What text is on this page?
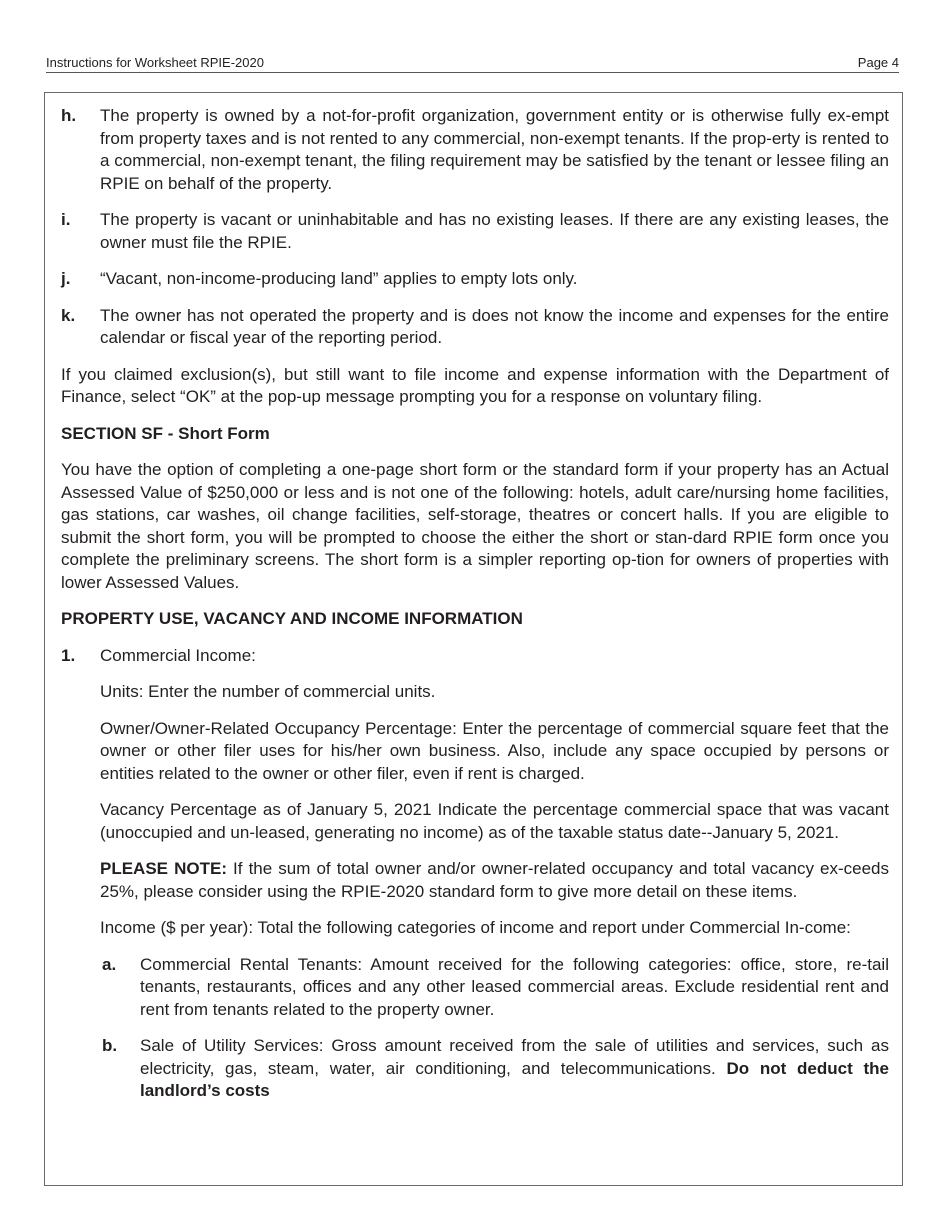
Instructions for Worksheet RPIE-2020	Page 4

h. The property is owned by a not-for-profit organization, government entity or is otherwise fully ex-empt from property taxes and is not rented to any commercial, non-exempt tenants. If the prop-erty is rented to a commercial, non-exempt tenant, the filing requirement may be satisfied by the tenant or lessee filing an RPIE on behalf of the property.

i. The property is vacant or uninhabitable and has no existing leases. If there are any existing leases, the owner must file the RPIE.

j. “Vacant, non-income-producing land” applies to empty lots only.

k. The owner has not operated the property and is does not know the income and expenses for the entire calendar or fiscal year of the reporting period.

If you claimed exclusion(s), but still want to file income and expense information with the Department of Finance, select “OK” at the pop-up message prompting you for a response on voluntary filing.

SECTION SF - Short Form

You have the option of completing a one-page short form or the standard form if your property has an Actual Assessed Value of $250,000 or less and is not one of the following: hotels, adult care/nursing home facilities, gas stations, car washes, oil change facilities, self-storage, theatres or concert halls. If you are eligible to submit the short form, you will be prompted to choose the either the short or stan-dard RPIE form once you complete the preliminary screens. The short form is a simpler reporting op-tion for owners of properties with lower Assessed Values.

PROPERTY USE, VACANCY AND INCOME INFORMATION

1. Commercial Income:

Units: Enter the number of commercial units.

Owner/Owner-Related Occupancy Percentage: Enter the percentage of commercial square feet that the owner or other filer uses for his/her own business. Also, include any space occupied by persons or entities related to the owner or other filer, even if rent is charged.

Vacancy Percentage as of January 5, 2021 Indicate the percentage commercial space that was vacant (unoccupied and un-leased, generating no income) as of the taxable status date--January 5, 2021.

PLEASE NOTE: If the sum of total owner and/or owner-related occupancy and total vacancy ex-ceeds 25%, please consider using the RPIE-2020 standard form to give more detail on these items.

Income ($ per year): Total the following categories of income and report under Commercial In-come:

a. Commercial Rental Tenants: Amount received for the following categories: office, store, re-tail tenants, restaurants, offices and any other leased commercial areas. Exclude residential rent and rent from tenants related to the property owner.

b. Sale of Utility Services: Gross amount received from the sale of utilities and services, such as electricity, gas, steam, water, air conditioning, and telecommunications. Do not deduct the landlord’s costs
